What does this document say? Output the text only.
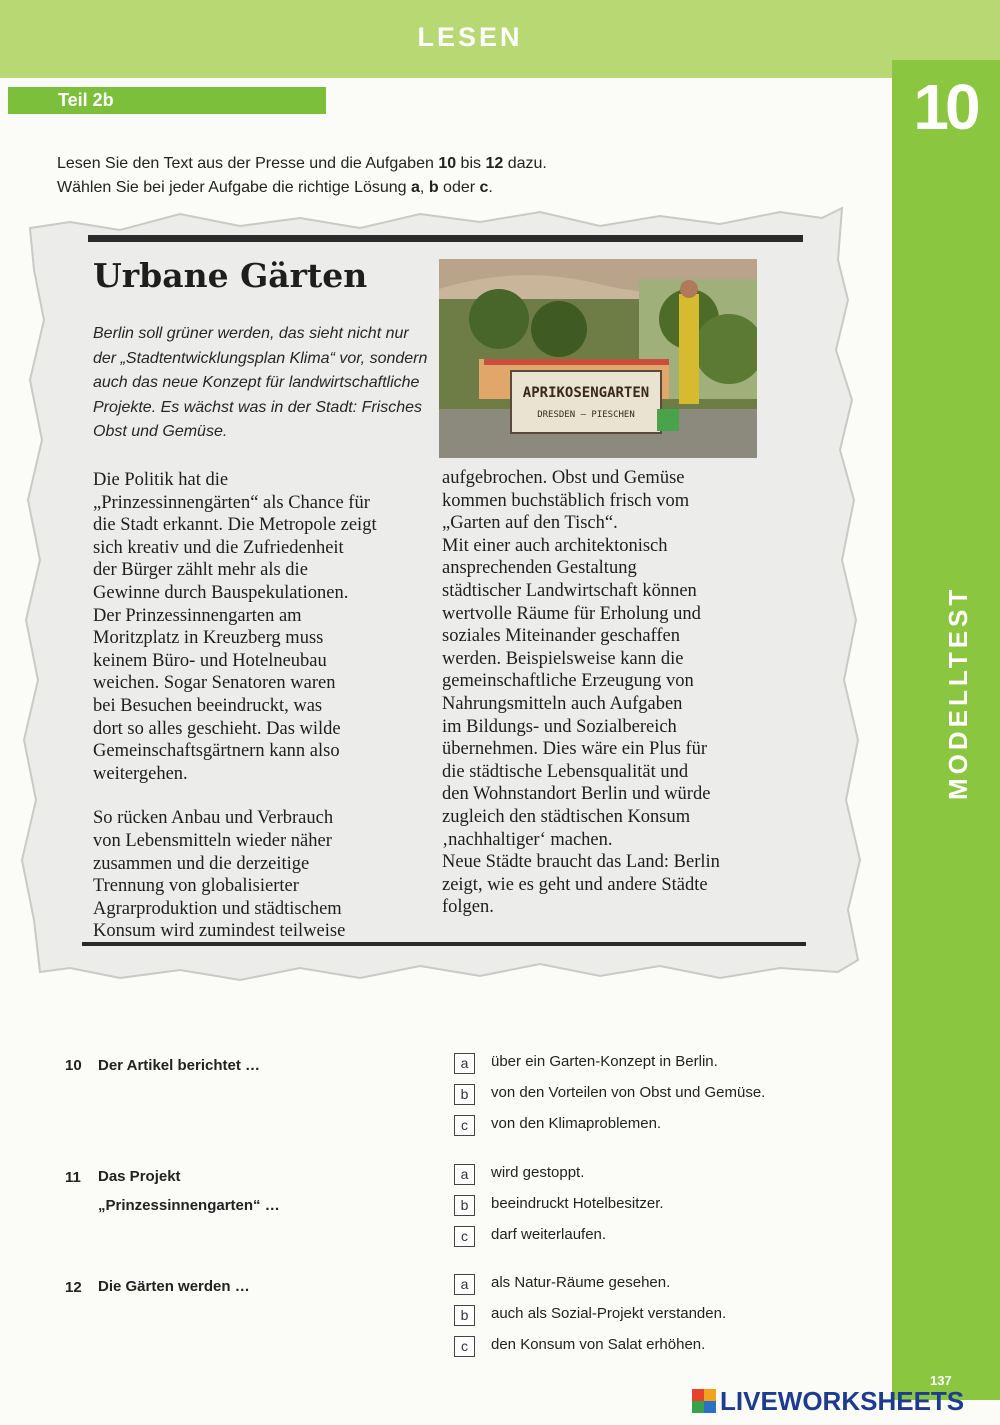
LESEN
10
MODELLTEST
Teil 2b
Lesen Sie den Text aus der Presse und die Aufgaben 10 bis 12 dazu.
Wählen Sie bei jeder Aufgabe die richtige Lösung a, b oder c.
Urbane Gärten
Berlin soll grüner werden, das sieht nicht nur der „Stadtentwicklungsplan Klima“ vor, sondern auch das neue Konzept für landwirtschaftliche Projekte. Es wächst was in der Stadt: Frisches Obst und Gemüse.
APRIKOSENGARTEN
DRESDEN – PIESCHEN

Die Politik hat die
„Prinzessinnengärten“ als Chance für
die Stadt erkannt. Die Metropole zeigt
sich kreativ und die Zufriedenheit
der Bürger zählt mehr als die
Gewinne durch Bauspekulationen.
Der Prinzessinnengarten am
Moritzplatz in Kreuzberg muss
keinem Büro- und Hotelneubau
weichen. Sogar Senatoren waren
bei Besuchen beeindruckt, was
dort so alles geschieht. Das wilde
Gemeinschaftsgärtnern kann also
weitergehen.

So rücken Anbau und Verbrauch
von Lebensmitteln wieder näher
zusammen und die derzeitige
Trennung von globalisierter
Agrarproduktion und städtischem
Konsum wird zumindest teilweise

aufgebrochen. Obst und Gemüse
kommen buchstäblich frisch vom
„Garten auf den Tisch“.
Mit einer auch architektonisch
ansprechenden Gestaltung
städtischer Landwirtschaft können
wertvolle Räume für Erholung und
soziales Miteinander geschaffen
werden. Beispielsweise kann die
gemeinschaftliche Erzeugung von
Nahrungsmitteln auch Aufgaben
im Bildungs- und Sozialbereich
übernehmen. Dies wäre ein Plus für
die städtische Lebensqualität und
den Wohnstandort Berlin und würde
zugleich den städtischen Konsum
‚nachhaltiger‘ machen.
Neue Städte braucht das Land: Berlin
zeigt, wie es geht und andere Städte
folgen.

10 Der Artikel berichtet …	a	über ein Garten-Konzept in Berlin.
b	von den Vorteilen von Obst und Gemüse.
c	von den Klimaproblemen.
11 Das Projekt
„Prinzessinnengarten“ …
a	wird gestoppt.
b	beeindruckt Hotelbesitzer.
c	darf weiterlaufen.
12 Die Gärten werden …	a	als Natur-Räume gesehen.
b	auch als Sozial-Projekt verstanden.
c	den Konsum von Salat erhöhen.
137
LIVEWORKSHEETS
